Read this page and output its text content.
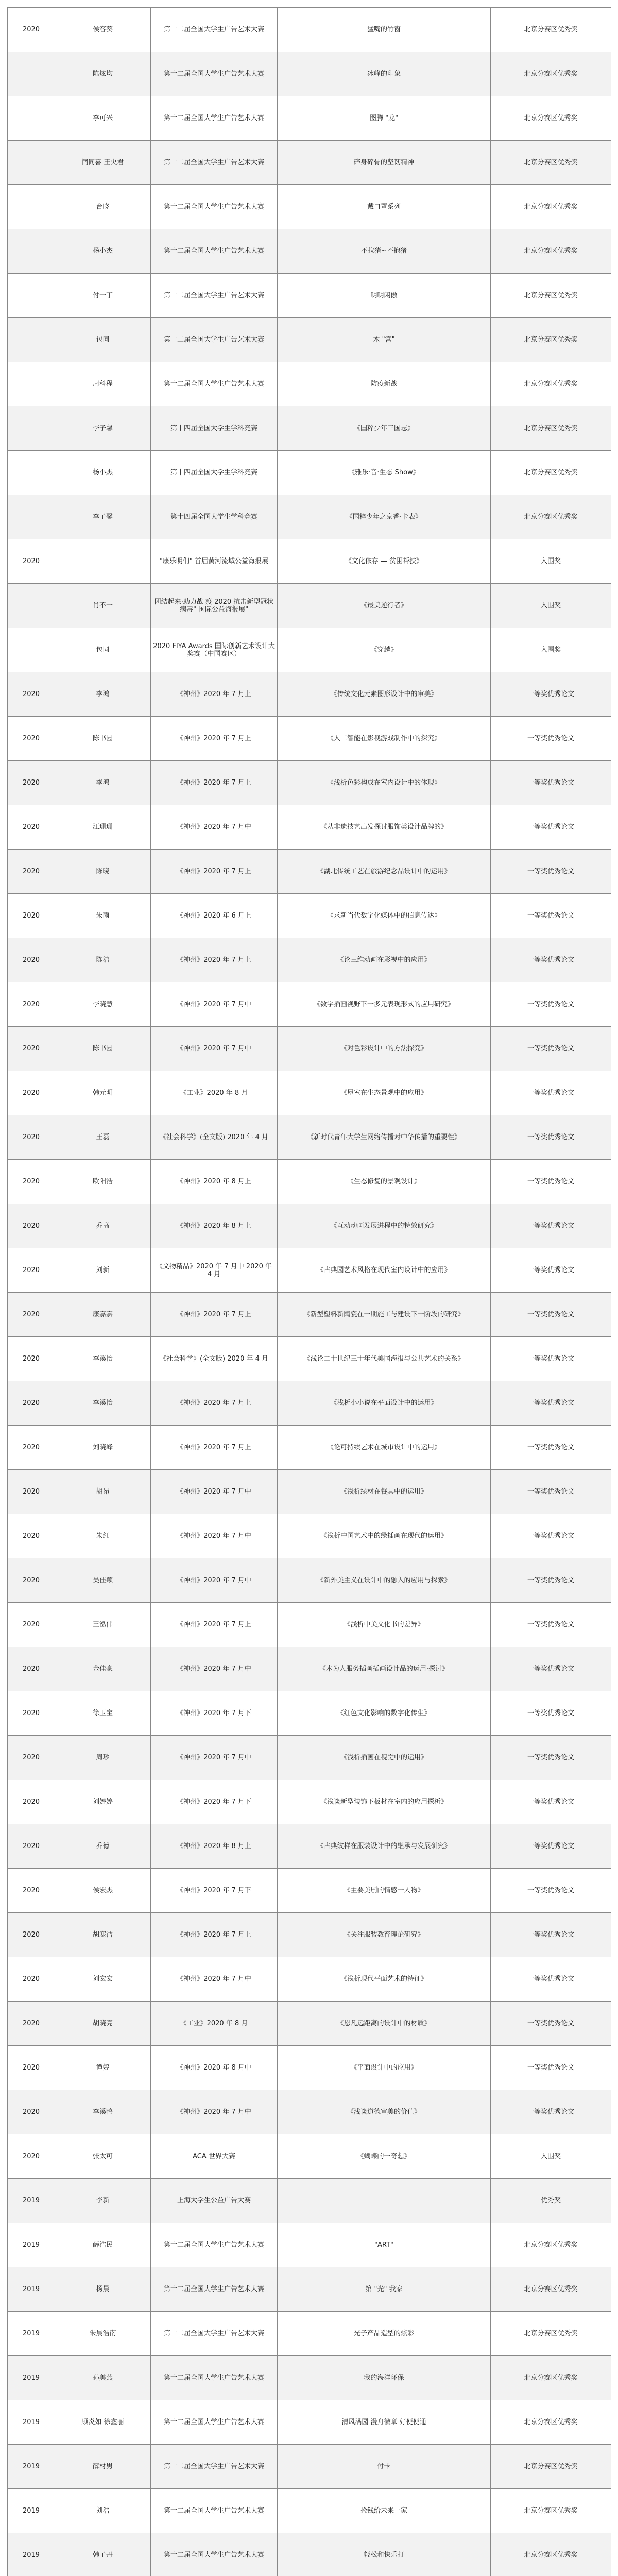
2020	侯容葵	第十二届全国大学生广告艺术大赛	猛嘴的竹窗	北京分赛区优秀奖
	陈炫均	第十二届全国大学生广告艺术大赛	冰峰的印象	北京分赛区优秀奖
	李可兴	第十二届全国大学生广告艺术大赛	图腾 "龙"	北京分赛区优秀奖
	闫同喜 王央君	第十二届全国大学生广告艺术大赛	碎身碎骨的坚韧精神	北京分赛区优秀奖
	台晓	第十二届全国大学生广告艺术大赛	戴口罩系列	北京分赛区优秀奖
	杨小杰	第十二届全国大学生广告艺术大赛	不拉猪~不抱猪	北京分赛区优秀奖
	付一丁	第十二届全国大学生广告艺术大赛	明明闲傲	北京分赛区优秀奖
	包同	第十二届全国大学生广告艺术大赛	木 "宫"	北京分赛区优秀奖
	周科程	第十二届全国大学生广告艺术大赛	防疫新战	北京分赛区优秀奖
	李子馨	第十四届全国大学生学科竞赛	《国粹少年三国志》	北京分赛区优秀奖
	杨小杰	第十四届全国大学生学科竞赛	《雅乐·音·生态 Show》	北京分赛区优秀奖
	李子馨	第十四届全国大学生学科竞赛	《国粹少年之京香·卡表》	北京分赛区优秀奖
2020		"康乐明们" 首届黄河流域公益海报展	《文化依存 — 贫困帮扶》	入围奖
	肖不一	团结起来·助力战 疫 2020 抗击新型冠状病毒" 国际公益海报展"	《最美逆行者》	入围奖
	包同	2020 FIYA Awards 国际创新艺术设计大奖赛（中国赛区）	《穿越》	入围奖
2020	李鸿	《神州》2020 年 7 月上	《传统文化元素图形设计中的审美》	一等奖优秀论文
2020	陈书园	《神州》2020 年 7 月上	《人工智能在影视游戏制作中的探究》	一等奖优秀论文
2020	李鸿	《神州》2020 年 7 月上	《浅析色彩构成在室内设计中的体现》	一等奖优秀论文
2020	江珊珊	《神州》2020 年 7 月中	《从非遗技艺出发探讨服饰类设计品牌的》	一等奖优秀论文
2020	陈晓	《神州》2020 年 7 月上	《湖北传统工艺在旅游纪念品设计中的运用》	一等奖优秀论文
2020	朱雨	《神州》2020 年 6 月上	《求新当代数字化媒体中的信息传达》	一等奖优秀论文
2020	陈洁	《神州》2020 年 7 月上	《论三维动画在影视中的应用》	一等奖优秀论文
2020	李晓慧	《神州》2020 年 7 月中	《数字插画视野下一多元表现形式的应用研究》	一等奖优秀论文
2020	陈书园	《神州》2020 年 7 月中	《对色彩设计中的方法探究》	一等奖优秀论文
2020	韩元明	《工业》2020 年 8 月	《屋室在生态景观中的应用》	一等奖优秀论文
2020	王磊	《社会科学》(全文版) 2020 年 4 月	《新时代青年大学生网络传播对中华传播的重要性》	一等奖优秀论文
2020	欧阳浩	《神州》2020 年 8 月上	《生态修复的景观设计》	一等奖优秀论文
2020	乔高	《神州》2020 年 8 月上	《互动动画发展进程中的特效研究》	一等奖优秀论文
2020	刘新	《文物精品》2020 年 7 月中 2020 年 4 月	《古典园艺术风格在现代室内设计中的应用》	一等奖优秀论文
2020	康嘉嘉	《神州》2020 年 7 月上	《新型塑料新陶瓷在一期施工与建设下一阶段的研究》	一等奖优秀论文
2020	李溪怡	《社会科学》(全文版) 2020 年 4 月	《浅论二十世纪三十年代美国海报与公共艺术的关系》	一等奖优秀论文
2020	李溪怡	《神州》2020 年 7 月上	《浅析小小说在平面设计中的运用》	一等奖优秀论文
2020	刘晓峰	《神州》2020 年 7 月上	《论可持续艺术在城市设计中的运用》	一等奖优秀论文
2020	胡昂	《神州》2020 年 7 月中	《浅析绿材在餐具中的运用》	一等奖优秀论文
2020	朱红	《神州》2020 年 7 月中	《浅析中国艺术中的绿插画在现代的运用》	一等奖优秀论文
2020	吴佳颖	《神州》2020 年 7 月中	《新外美主义在设计中的融入的应用与探索》	一等奖优秀论文
2020	王泓伟	《神州》2020 年 7 月上	《浅析中美文化书的差异》	一等奖优秀论文
2020	金佳豪	《神州》2020 年 7 月中	《木为人服务插画插画设计品的运用·探讨》	一等奖优秀论文
2020	徐卫宝	《神州》2020 年 7 月下	《红色文化影响的数字化传生》	一等奖优秀论文
2020	周珍	《神州》2020 年 7 月中	《浅析插画在视觉中的运用》	一等奖优秀论文
2020	刘婷婷	《神州》2020 年 7 月下	《浅谈新型装饰下板材在室内的应用探析》	一等奖优秀论文
2020	乔德	《神州》2020 年 8 月上	《古典纹样在服装设计中的继承与发展研究》	一等奖优秀论文
2020	侯宏杰	《神州》2020 年 7 月下	《主要美剧的情感一人物》	一等奖优秀论文
2020	胡寒洁	《神州》2020 年 7 月上	《关注服装教育理论研究》	一等奖优秀论文
2020	刘宏宏	《神州》2020 年 7 月中	《浅析现代平面艺术的特征》	一等奖优秀论文
2020	胡晓亮	《工业》2020 年 8 月	《恩凡远距离的设计中的材质》	一等奖优秀论文
2020	谭婷	《神州》2020 年 8 月中	《平面设计中的应用》	一等奖优秀论文
2020	李溪鸭	《神州》2020 年 7 月中	《浅谈道德审美的价值》	一等奖优秀论文
2020	张太可	ACA 世界大赛	《蝴蝶的一奇想》	入围奖
2019	李新	上海大学生公益广告大赛		优秀奖
2019	薛浩民	第十二届全国大学生广告艺术大赛	"ART"	北京分赛区优秀奖
2019	杨晨	第十二届全国大学生广告艺术大赛	第 "光" 我家	北京分赛区优秀奖
2019	朱晨浩南	第十二届全国大学生广告艺术大赛	光子产品造型的炫彩	北京分赛区优秀奖
2019	孙美燕	第十二届全国大学生广告艺术大赛	我的海洋环保	北京分赛区优秀奖
2019	顾炎如 徐鑫丽	第十二届全国大学生广告艺术大赛	清风满园 漫舟徽章 好便便通	北京分赛区优秀奖
2019	薛材男	第十二届全国大学生广告艺术大赛	付卡	北京分赛区优秀奖
2019	刘浩	第十二届全国大学生广告艺术大赛	捡钱给未来一家	北京分赛区优秀奖
2019	韩子丹	第十二届全国大学生广告艺术大赛	轻松和快乐打	北京分赛区优秀奖
